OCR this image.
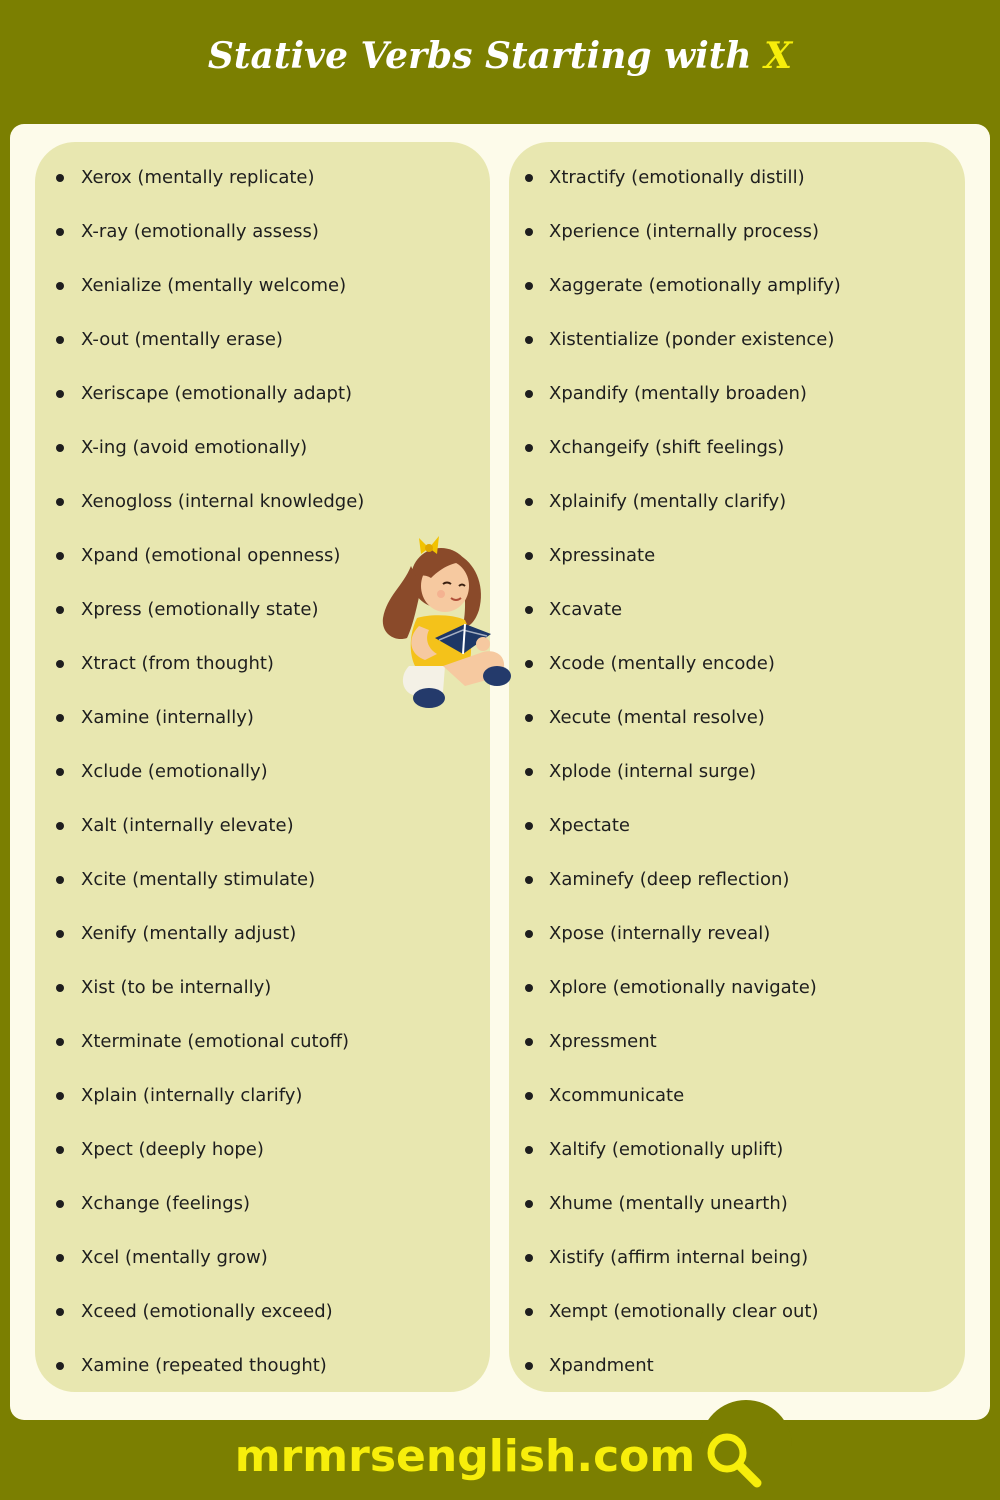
Stative Verbs Starting with X
Xerox (mentally replicate)
X-ray (emotionally assess)
Xenialize (mentally welcome)
X-out (mentally erase)
Xeriscape (emotionally adapt)
X-ing (avoid emotionally)
Xenogloss (internal knowledge)
Xpand (emotional openness)
Xpress (emotionally state)
Xtract (from thought)
Xamine (internally)
Xclude (emotionally)
Xalt (internally elevate)
Xcite (mentally stimulate)
Xenify (mentally adjust)
Xist (to be internally)
Xterminate (emotional cutoff)
Xplain (internally clarify)
Xpect (deeply hope)
Xchange (feelings)
Xcel (mentally grow)
Xceed (emotionally exceed)
Xamine (repeated thought)
Xtractify (emotionally distill)
Xperience (internally process)
Xaggerate (emotionally amplify)
Xistentialize (ponder existence)
Xpandify (mentally broaden)
Xchangeify (shift feelings)
Xplainify (mentally clarify)
Xpressinate
Xcavate
Xcode (mentally encode)
Xecute (mental resolve)
Xplode (internal surge)
Xpectate
Xaminefy (deep reflection)
Xpose (internally reveal)
Xplore (emotionally navigate)
Xpressment
Xcommunicate
Xaltify (emotionally uplift)
Xhume (mentally unearth)
Xistify (affirm internal being)
Xempt (emotionally clear out)
Xpandment
mrmrsenglish.com
